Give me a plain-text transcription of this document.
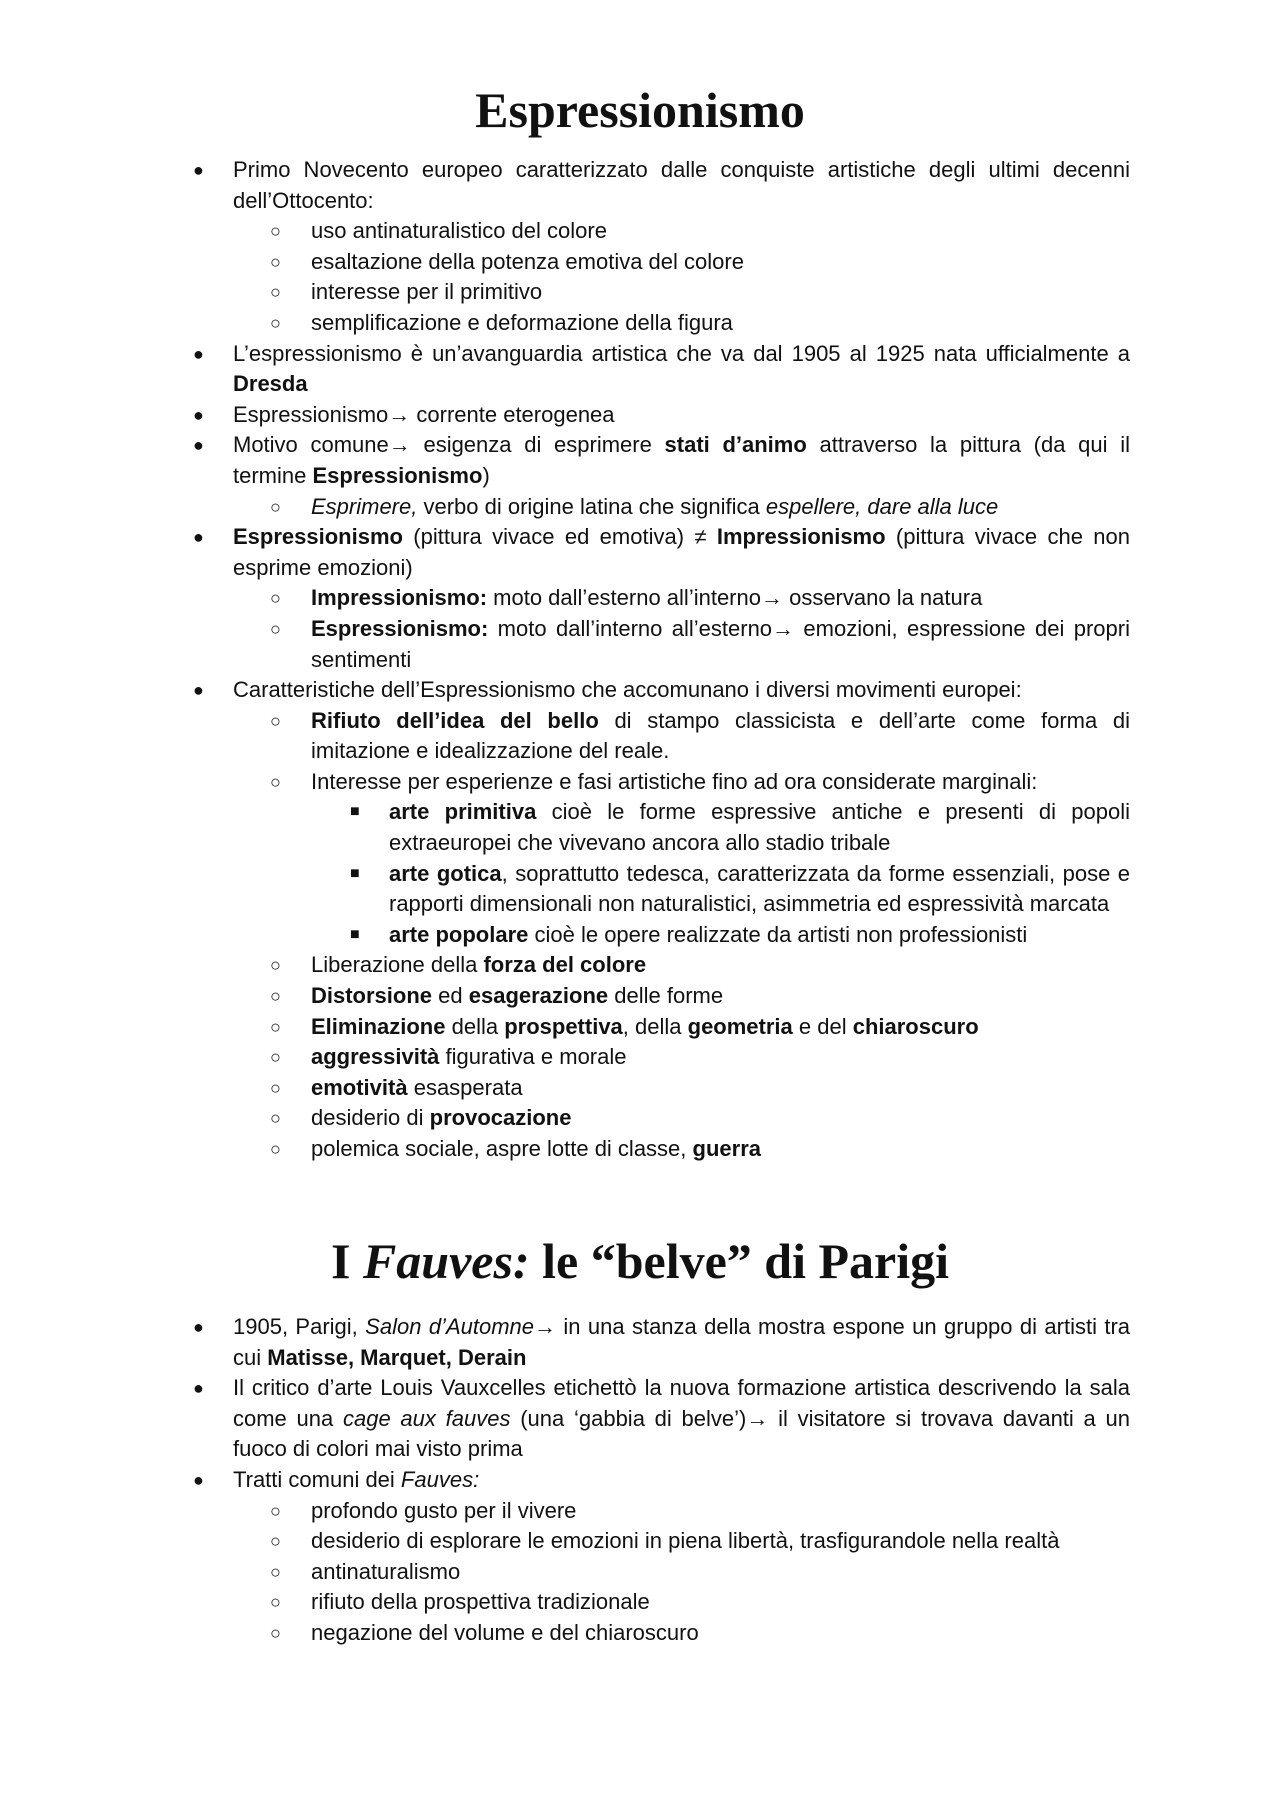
Espressionismo
● Primo Novecento europeo caratterizzato dalle conquiste artistiche degli ultimi decenni dell’Ottocento:
○ uso antinaturalistico del colore
○ esaltazione della potenza emotiva del colore
○ interesse per il primitivo
○ semplificazione e deformazione della figura
● L’espressionismo è un’avanguardia artistica che va dal 1905 al 1925 nata ufficialmente a Dresda
● Espressionismo→ corrente eterogenea
● Motivo comune→ esigenza di esprimere stati d’animo attraverso la pittura (da qui il termine Espressionismo)
○ Esprimere, verbo di origine latina che significa espellere, dare alla luce
● Espressionismo (pittura vivace ed emotiva) ≠ Impressionismo (pittura vivace che non esprime emozioni)
○ Impressionismo: moto dall’esterno all’interno→ osservano la natura
○ Espressionismo: moto dall’interno all’esterno→ emozioni, espressione dei propri sentimenti
● Caratteristiche dell’Espressionismo che accomunano i diversi movimenti europei:
○ Rifiuto dell’idea del bello di stampo classicista e dell’arte come forma di imitazione e idealizzazione del reale.
○ Interesse per esperienze e fasi artistiche fino ad ora considerate marginali:
■ arte primitiva cioè le forme espressive antiche e presenti di popoli extraeuropei che vivevano ancora allo stadio tribale
■ arte gotica, soprattutto tedesca, caratterizzata da forme essenziali, pose e rapporti dimensionali non naturalistici, asimmetria ed espressività marcata
■ arte popolare cioè le opere realizzate da artisti non professionisti
○ Liberazione della forza del colore
○ Distorsione ed esagerazione delle forme
○ Eliminazione della prospettiva, della geometria e del chiaroscuro
○ aggressività figurativa e morale
○ emotività esasperata
○ desiderio di provocazione
○ polemica sociale, aspre lotte di classe, guerra
I Fauves: le “belve” di Parigi
● 1905, Parigi, Salon d’Automne→ in una stanza della mostra espone un gruppo di artisti tra cui Matisse, Marquet, Derain
● Il critico d’arte Louis Vauxcelles etichettò la nuova formazione artistica descrivendo la sala come una cage aux fauves (una ‘gabbia di belve’)→ il visitatore si trovava davanti a un fuoco di colori mai visto prima
● Tratti comuni dei Fauves:
○ profondo gusto per il vivere
○ desiderio di esplorare le emozioni in piena libertà, trasfigurandole nella realtà
○ antinaturalismo
○ rifiuto della prospettiva tradizionale
○ negazione del volume e del chiaroscuro
